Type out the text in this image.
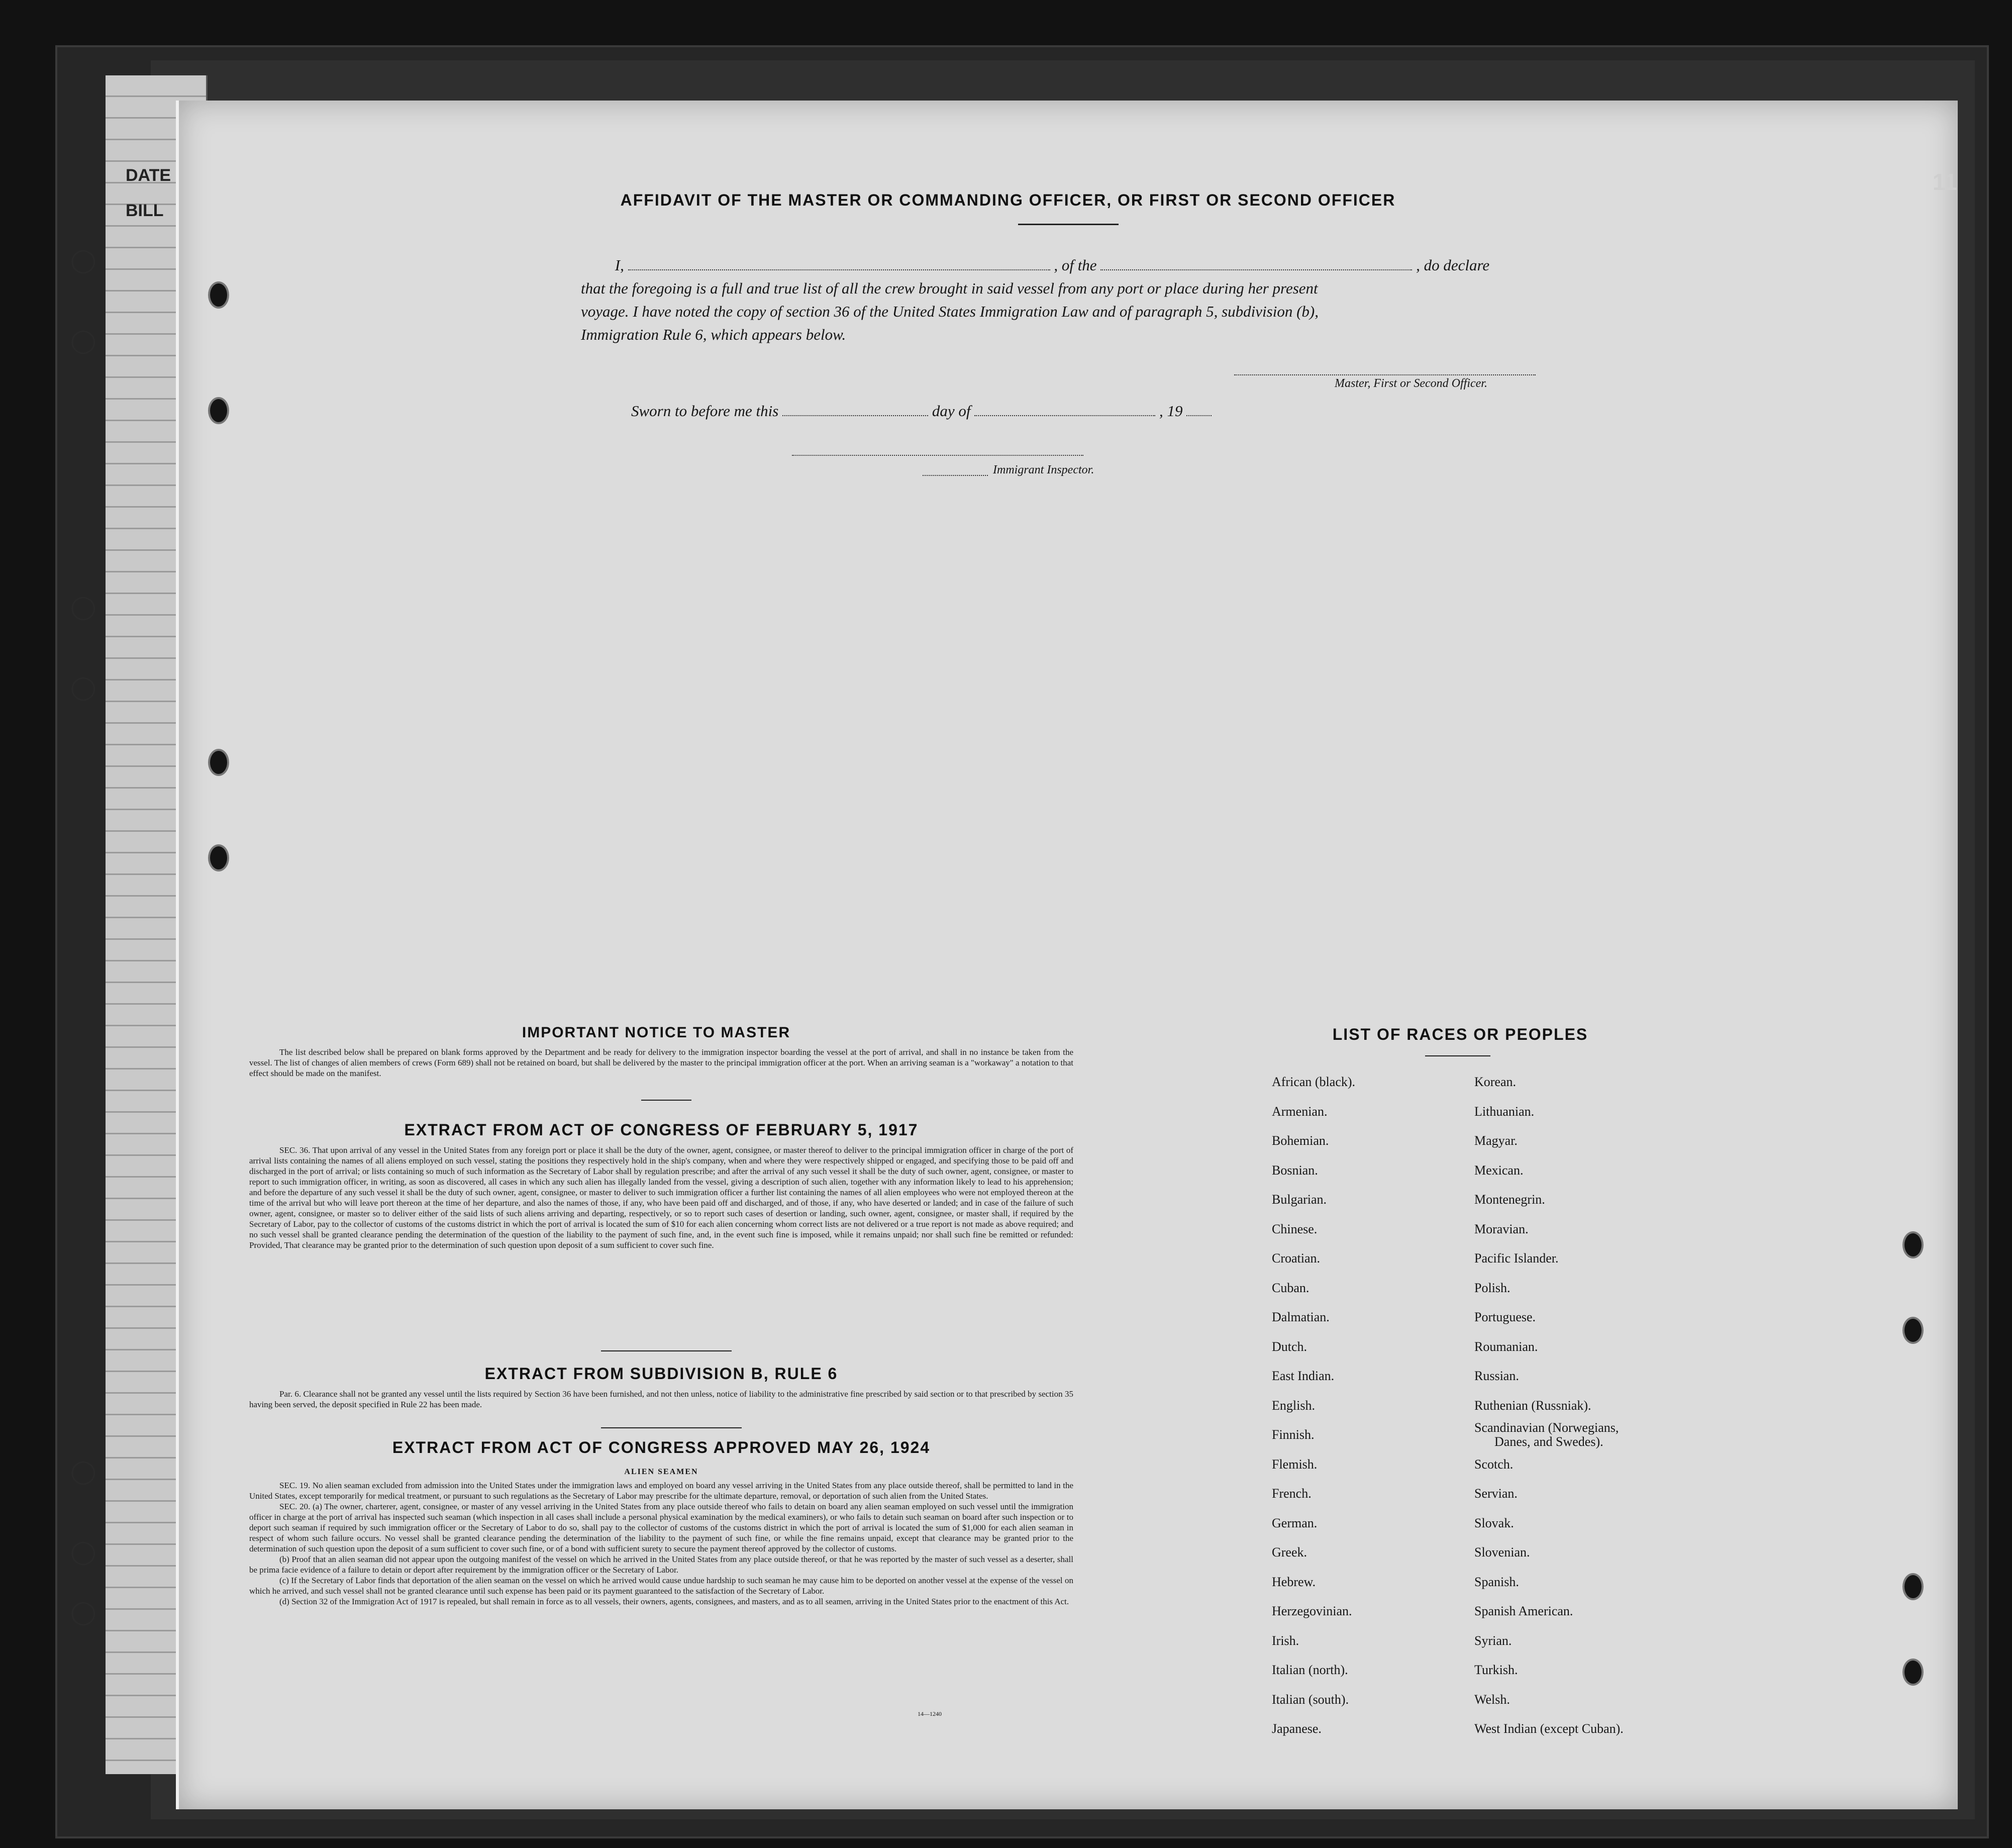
DATE
BILL
◯
◯
◯
◯
◯
◯
◯
11
AFFIDAVIT OF THE MASTER OR COMMANDING OFFICER, OR FIRST OR SECOND OFFICER
I,	, of the	, do declare
that the foregoing is a full and true list of all the crew brought in said vessel from any port or place during her present
voyage. I have noted the copy of section 36 of the United States Immigration Law and of paragraph 5, subdivision (b),
Immigration Rule 6, which appears below.
Master, First or Second Officer.
Sworn to before me this	day of	, 19
Immigrant Inspector.
IMPORTANT NOTICE TO MASTER

The list described below shall be prepared on blank forms approved by the Department and be ready for delivery to the immigration inspector boarding the vessel at the port of arrival, and shall in no instance be taken from the vessel. The list of changes of alien members of crews (Form 689) shall not be retained on board, but shall be delivered by the master to the principal immigration officer at the port. When an arriving seaman is a "workaway" a notation to that effect should be made on the manifest.

EXTRACT FROM ACT OF CONGRESS OF FEBRUARY 5, 1917

SEC. 36. That upon arrival of any vessel in the United States from any foreign port or place it shall be the duty of the owner, agent, consignee, or master thereof to deliver to the principal immigration officer in charge of the port of arrival lists containing the names of all aliens employed on such vessel, stating the positions they respectively hold in the ship's company, when and where they were respectively shipped or engaged, and specifying those to be paid off and discharged in the port of arrival; or lists containing so much of such information as the Secretary of Labor shall by regulation prescribe; and after the arrival of any such vessel it shall be the duty of such owner, agent, consignee, or master to report to such immigration officer, in writing, as soon as discovered, all cases in which any such alien has illegally landed from the vessel, giving a description of such alien, together with any information likely to lead to his apprehension; and before the departure of any such vessel it shall be the duty of such owner, agent, consignee, or master to deliver to such immigration officer a further list containing the names of all alien employees who were not employed thereon at the time of the arrival but who will leave port thereon at the time of her departure, and also the names of those, if any, who have been paid off and discharged, and of those, if any, who have deserted or landed; and in case of the failure of such owner, agent, consignee, or master so to deliver either of the said lists of such aliens arriving and departing, respectively, or so to report such cases of desertion or landing, such owner, agent, consignee, or master shall, if required by the Secretary of Labor, pay to the collector of customs of the customs district in which the port of arrival is located the sum of $10 for each alien concerning whom correct lists are not delivered or a true report is not made as above required; and no such vessel shall be granted clearance pending the determination of the question of the liability to the payment of such fine, and, in the event such fine is imposed, while it remains unpaid; nor shall such fine be remitted or refunded: Provided, That clearance may be granted prior to the determination of such question upon deposit of a sum sufficient to cover such fine.

EXTRACT FROM SUBDIVISION B, RULE 6

Par. 6. Clearance shall not be granted any vessel until the lists required by Section 36 have been furnished, and not then unless, notice of liability to the administrative fine prescribed by said section or to that prescribed by section 35 having been served, the deposit specified in Rule 22 has been made.

EXTRACT FROM ACT OF CONGRESS APPROVED MAY 26, 1924
ALIEN SEAMEN

SEC. 19. No alien seaman excluded from admission into the United States under the immigration laws and employed on board any vessel arriving in the United States from any place outside thereof, shall be permitted to land in the United States, except temporarily for medical treatment, or pursuant to such regulations as the Secretary of Labor may prescribe for the ultimate departure, removal, or deportation of such alien from the United States.

SEC. 20. (a) The owner, charterer, agent, consignee, or master of any vessel arriving in the United States from any place outside thereof who fails to detain on board any alien seaman employed on such vessel until the immigration officer in charge at the port of arrival has inspected such seaman (which inspection in all cases shall include a personal physical examination by the medical examiners), or who fails to detain such seaman on board after such inspection or to deport such seaman if required by such immigration officer or the Secretary of Labor to do so, shall pay to the collector of customs of the customs district in which the port of arrival is located the sum of $1,000 for each alien seaman in respect of whom such failure occurs. No vessel shall be granted clearance pending the determination of the liability to the payment of such fine, or while the fine remains unpaid, except that clearance may be granted prior to the determination of such question upon the deposit of a sum sufficient to cover such fine, or of a bond with sufficient surety to secure the payment thereof approved by the collector of customs.

(b) Proof that an alien seaman did not appear upon the outgoing manifest of the vessel on which he arrived in the United States from any place outside thereof, or that he was reported by the master of such vessel as a deserter, shall be prima facie evidence of a failure to detain or deport after requirement by the immigration officer or the Secretary of Labor.

(c) If the Secretary of Labor finds that deportation of the alien seaman on the vessel on which he arrived would cause undue hardship to such seaman he may cause him to be deported on another vessel at the expense of the vessel on which he arrived, and such vessel shall not be granted clearance until such expense has been paid or its payment guaranteed to the satisfaction of the Secretary of Labor.

(d) Section 32 of the Immigration Act of 1917 is repealed, but shall remain in force as to all vessels, their owners, agents, consignees, and masters, and as to all seamen, arriving in the United States prior to the enactment of this Act.

14—1240
LIST OF RACES OR PEOPLES
African (black).
Armenian.
Bohemian.
Bosnian.
Bulgarian.
Chinese.
Croatian.
Cuban.
Dalmatian.
Dutch.
East Indian.
English.
Finnish.
Flemish.
French.
German.
Greek.
Hebrew.
Herzegovinian.
Irish.
Italian (north).
Italian (south).
Japanese.
Korean.
Lithuanian.
Magyar.
Mexican.
Montenegrin.
Moravian.
Pacific Islander.
Polish.
Portuguese.
Roumanian.
Russian.
Ruthenian (Russniak).
Scandinavian (Norwegians,
Danes, and Swedes).
Scotch.
Servian.
Slovak.
Slovenian.
Spanish.
Spanish American.
Syrian.
Turkish.
Welsh.
West Indian (except Cuban).
